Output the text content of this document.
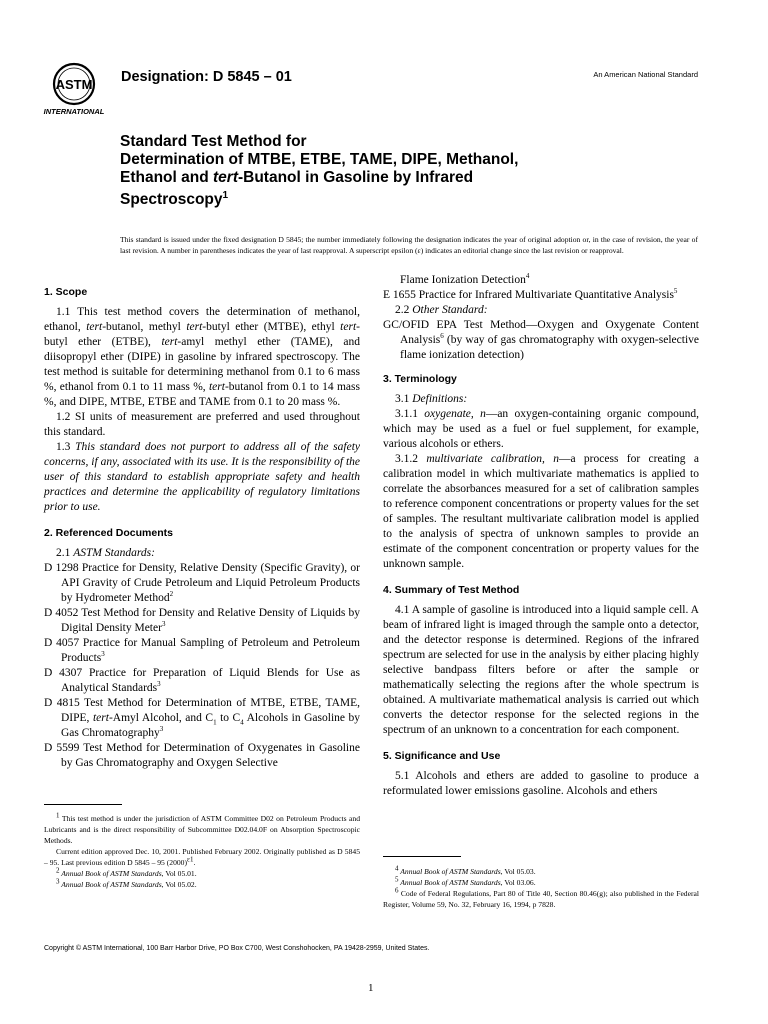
ASTM
INTERNATIONAL
Designation: D 5845 – 01	An American National Standard
Standard Test Method for
Determination of MTBE, ETBE, TAME, DIPE, Methanol,
Ethanol and tert-Butanol in Gasoline by Infrared
Spectroscopy$^1$
This standard is issued under the fixed designation D 5845; the number immediately following the designation indicates the year of original adoption or, in the case of revision, the year of last revision. A number in parentheses indicates the year of last reapproval. A superscript epsilon (ε) indicates an editorial change since the last revision or reapproval.
1. Scope

1.1 This test method covers the determination of methanol, ethanol, tert-butanol, methyl tert-butyl ether (MTBE), ethyl tert-butyl ether (ETBE), tert-amyl methyl ether (TAME), and diisopropyl ether (DIPE) in gasoline by infrared spectroscopy. The test method is suitable for determining methanol from 0.1 to 6 mass %, ethanol from 0.1 to 11 mass %, tert-butanol from 0.1 to 14 mass %, and DIPE, MTBE, ETBE and TAME from 0.1 to 20 mass %.

1.2 SI units of measurement are preferred and used throughout this standard.

1.3 This standard does not purport to address all of the safety concerns, if any, associated with its use. It is the responsibility of the user of this standard to establish appropriate safety and health practices and determine the applicability of regulatory limitations prior to use.

2. Referenced Documents

2.1 ASTM Standards:

D 1298 Practice for Density, Relative Density (Specific Gravity), or API Gravity of Crude Petroleum and Liquid Petroleum Products by Hydrometer Method$^2$

D 4052 Test Method for Density and Relative Density of Liquids by Digital Density Meter$^3$

D 4057 Practice for Manual Sampling of Petroleum and Petroleum Products$^3$

D 4307 Practice for Preparation of Liquid Blends for Use as Analytical Standards$^3$

D 4815 Test Method for Determination of MTBE, ETBE, TAME, DIPE, tert-Amyl Alcohol, and $C_1$ to $C_4$ Alcohols in Gasoline by Gas Chromatography$^3$

D 5599 Test Method for Determination of Oxygenates in Gasoline by Gas Chromatography and Oxygen Selective

Flame Ionization Detection$^4$

E 1655 Practice for Infrared Multivariate Quantitative Analysis$^5$

2.2 Other Standard:

GC/OFID EPA Test Method—Oxygen and Oxygenate Content Analysis$^6$ (by way of gas chromatography with oxygen-selective flame ionization detection)

3. Terminology

3.1 Definitions:

3.1.1 oxygenate, n—an oxygen-containing organic compound, which may be used as a fuel or fuel supplement, for example, various alcohols or ethers.

3.1.2 multivariate calibration, n—a process for creating a calibration model in which multivariate mathematics is applied to correlate the absorbances measured for a set of calibration samples to reference component concentrations or property values for the set of samples. The resultant multivariate calibration model is applied to the analysis of spectra of unknown samples to provide an estimate of the component concentration or property values for the unknown sample.

4. Summary of Test Method

4.1 A sample of gasoline is introduced into a liquid sample cell. A beam of infrared light is imaged through the sample onto a detector, and the detector response is determined. Regions of the infrared spectrum are selected for use in the analysis by either placing highly selective bandpass filters before or after the sample or mathematically selecting the regions after the whole spectrum is obtained. A multivariate mathematical analysis is carried out which converts the detector response for the selected regions in the spectrum of an unknown to a concentration for each component.

5. Significance and Use

5.1 Alcohols and ethers are added to gasoline to produce a reformulated lower emissions gasoline. Alcohols and ethers

$^1$ This test method is under the jurisdiction of ASTM Committee D02 on Petroleum Products and Lubricants and is the direct responsibility of Subcommittee D02.04.0F on Absorption Spectroscopic Methods.

Current edition approved Dec. 10, 2001. Published February 2002. Originally published as D 5845 – 95. Last previous edition D 5845 – 95 $(2000)^{\varepsilon 1}$.

$^2$ Annual Book of ASTM Standards, Vol 05.01.

$^3$ Annual Book of ASTM Standards, Vol 05.02.

$^4$ Annual Book of ASTM Standards, Vol 05.03.

$^5$ Annual Book of ASTM Standards, Vol 03.06.

$^6$ Code of Federal Regulations, Part 80 of Title 40, Section 80.46(g); also published in the Federal Register, Volume 59, No. 32, February 16, 1994, p 7828.

Copyright © ASTM International, 100 Barr Harbor Drive, PO Box C700, West Conshohocken, PA 19428-2959, United States.
1
